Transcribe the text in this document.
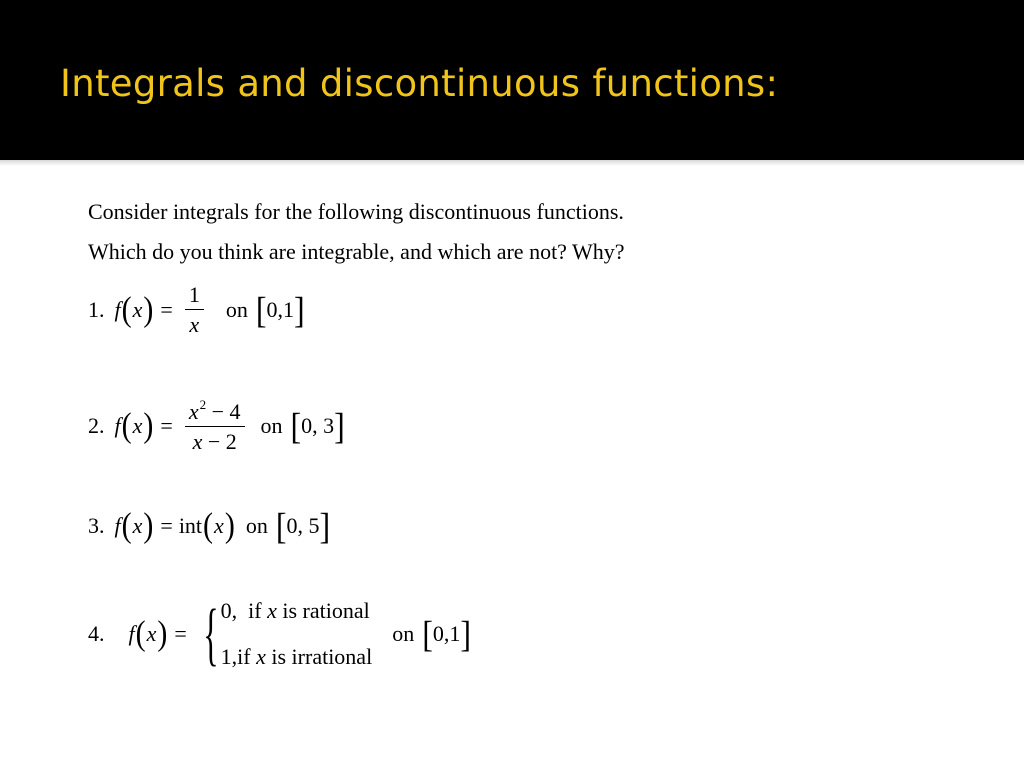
Integrals and discontinuous functions:
Consider integrals for the following discontinuous functions.
Which do you think are integrable, and which are not? Why?
1. f ( x ) = $\frac{1}{x}$ on [ 0,1 ]
2. f ( x ) = $\frac{x^2 - 4}{x - 2}$ on [ 0, 3 ]
3. f ( x ) = int ( x ) on [ 0, 5 ]
4. f ( x ) = { 0, if x is rational
1,if x is irrational
on [ 0,1 ]
